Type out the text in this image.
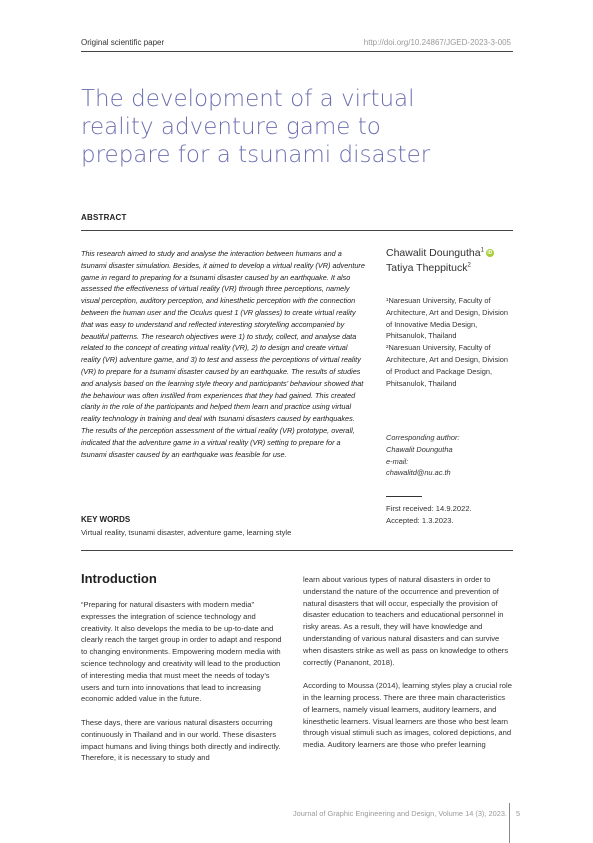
Original scientific paper	http://doi.org/10.24867/JGED-2023-3-005
The development of a virtual
reality adventure game to
prepare for a tsunami disaster
ABSTRACT
This research aimed to study and analyse the interaction between humans and a tsunami disaster simulation. Besides, it aimed to develop a virtual reality (VR) adventure game in regard to preparing for a tsunami disaster caused by an earthquake. It also assessed the effectiveness of virtual reality (VR) through three perceptions, namely visual perception, auditory perception, and kinesthetic perception with the connection between the human user and the Oculus quest 1 (VR glasses) to create virtual reality that was easy to understand and reflected interesting storytelling accompanied by beautiful patterns. The research objectives were 1) to study, collect, and analyse data related to the concept of creating virtual reality (VR), 2) to design and create virtual reality (VR) adventure game, and 3) to test and assess the perceptions of virtual reality (VR) to prepare for a tsunami disaster caused by an earthquake. The results of studies and analysis based on the learning style theory and participants’ behaviour showed that the behaviour was often instilled from experiences that they had gained. This created clarity in the role of the participants and helped them learn and practice using virtual reality technology in training and deal with tsunami disasters caused by earthquakes. The results of the perception assessment of the virtual reality (VR) prototype, overall, indicated that the adventure game in a virtual reality (VR) setting to prepare for a tsunami disaster caused by an earthquake was feasible for use.
Chawalit Doungutha$^1$ iD
Tatiya Theppituck$^2$
¹Naresuan University, Faculty of Architecture, Art and Design, Division of Innovative Media Design, Phitsanulok, Thailand
²Naresuan University, Faculty of Architecture, Art and Design, Division of Product and Package Design, Phitsanulok, Thailand
Corresponding author:
Chawalit Doungutha
e-mail:
chawalitd@nu.ac.th
First received: 14.9.2022.
Accepted: 1.3.2023.
KEY WORDS
Virtual reality, tsunami disaster, adventure game, learning style
Introduction

“Preparing for natural disasters with modern media” expresses the integration of science technology and creativity. It also develops the media to be up-to-date and clearly reach the target group in order to adapt and respond to changing environments. Empowering modern media with science technology and creativity will lead to the production of interesting media that must meet the needs of today’s users and turn into innovations that lead to increasing economic added value in the future.

These days, there are various natural disasters occurring continuously in Thailand and in our world. These disasters impact humans and living things both directly and indirectly. Therefore, it is necessary to study and

learn about various types of natural disasters in order to understand the nature of the occurrence and prevention of natural disasters that will occur, especially the provision of disaster education to teachers and educational personnel in risky areas. As a result, they will have knowledge and understanding of various natural disasters and can survive when disasters strike as well as pass on knowledge to others correctly (Pananont, 2018).

According to Moussa (2014), learning styles play a crucial role in the learning process. There are three main characteristics of learners, namely visual learners, auditory learners, and kinesthetic learners. Visual learners are those who best learn through visual stimuli such as images, colored depictions, and media. Auditory learners are those who prefer learning

Journal of Graphic Engineering and Design, Volume 14 (3), 2023. 5
